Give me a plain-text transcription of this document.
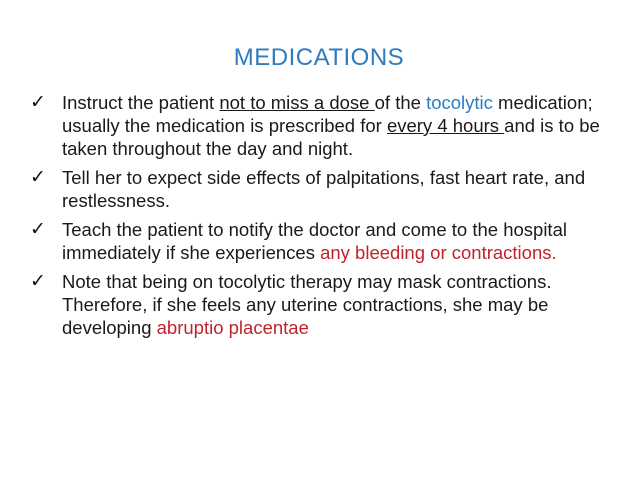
MEDICATIONS
✓ Instruct the patient not to miss a dose of the tocolytic medication; usually the medication is prescribed for every 4 hours and is to be taken throughout the day and night.
✓ Tell her to expect side effects of palpitations, fast heart rate, and restlessness.
✓ Teach the patient to notify the doctor and come to the hospital immediately if she experiences any bleeding or contractions.
✓ Note that being on tocolytic therapy may mask contractions. Therefore, if she feels any uterine contractions, she may be developing abruptio placentae
